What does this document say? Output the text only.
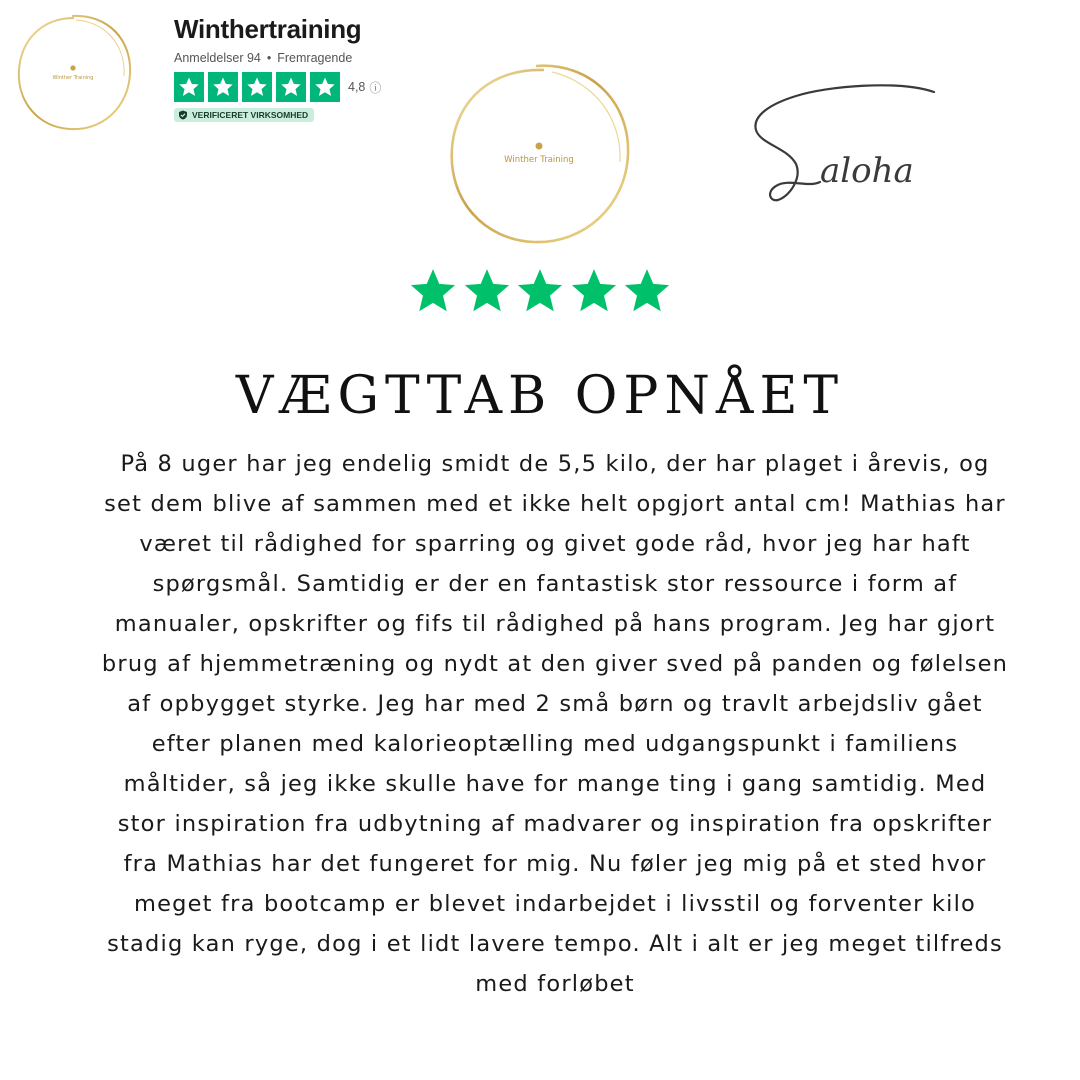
Winther Training
Winthertraining
Anmeldelser 94 • Fremragende
4,8 ⓘ
VERIFICERET VIRKSOMHED
Winther Training	aloha
VÆGTTAB OPNÅET

På 8 uger har jeg endelig smidt de 5,5 kilo, der har plaget i årevis, og set dem blive af sammen med et ikke helt opgjort antal cm! Mathias har været til rådighed for sparring og givet gode råd, hvor jeg har haft spørgsmål. Samtidig er der en fantastisk stor ressource i form af manualer, opskrifter og fifs til rådighed på hans program. Jeg har gjort brug af hjemmetræning og nydt at den giver sved på panden og følelsen af opbygget styrke. Jeg har med 2 små børn og travlt arbejdsliv gået efter planen med kalorieoptælling med udgangspunkt i familiens måltider, så jeg ikke skulle have for mange ting i gang samtidig. Med stor inspiration fra udbytning af madvarer og inspiration fra opskrifter fra Mathias har det fungeret for mig. Nu føler jeg mig på et sted hvor meget fra bootcamp er blevet indarbejdet i livsstil og forventer kilo stadig kan ryge, dog i et lidt lavere tempo. Alt i alt er jeg meget tilfreds med forløbet
